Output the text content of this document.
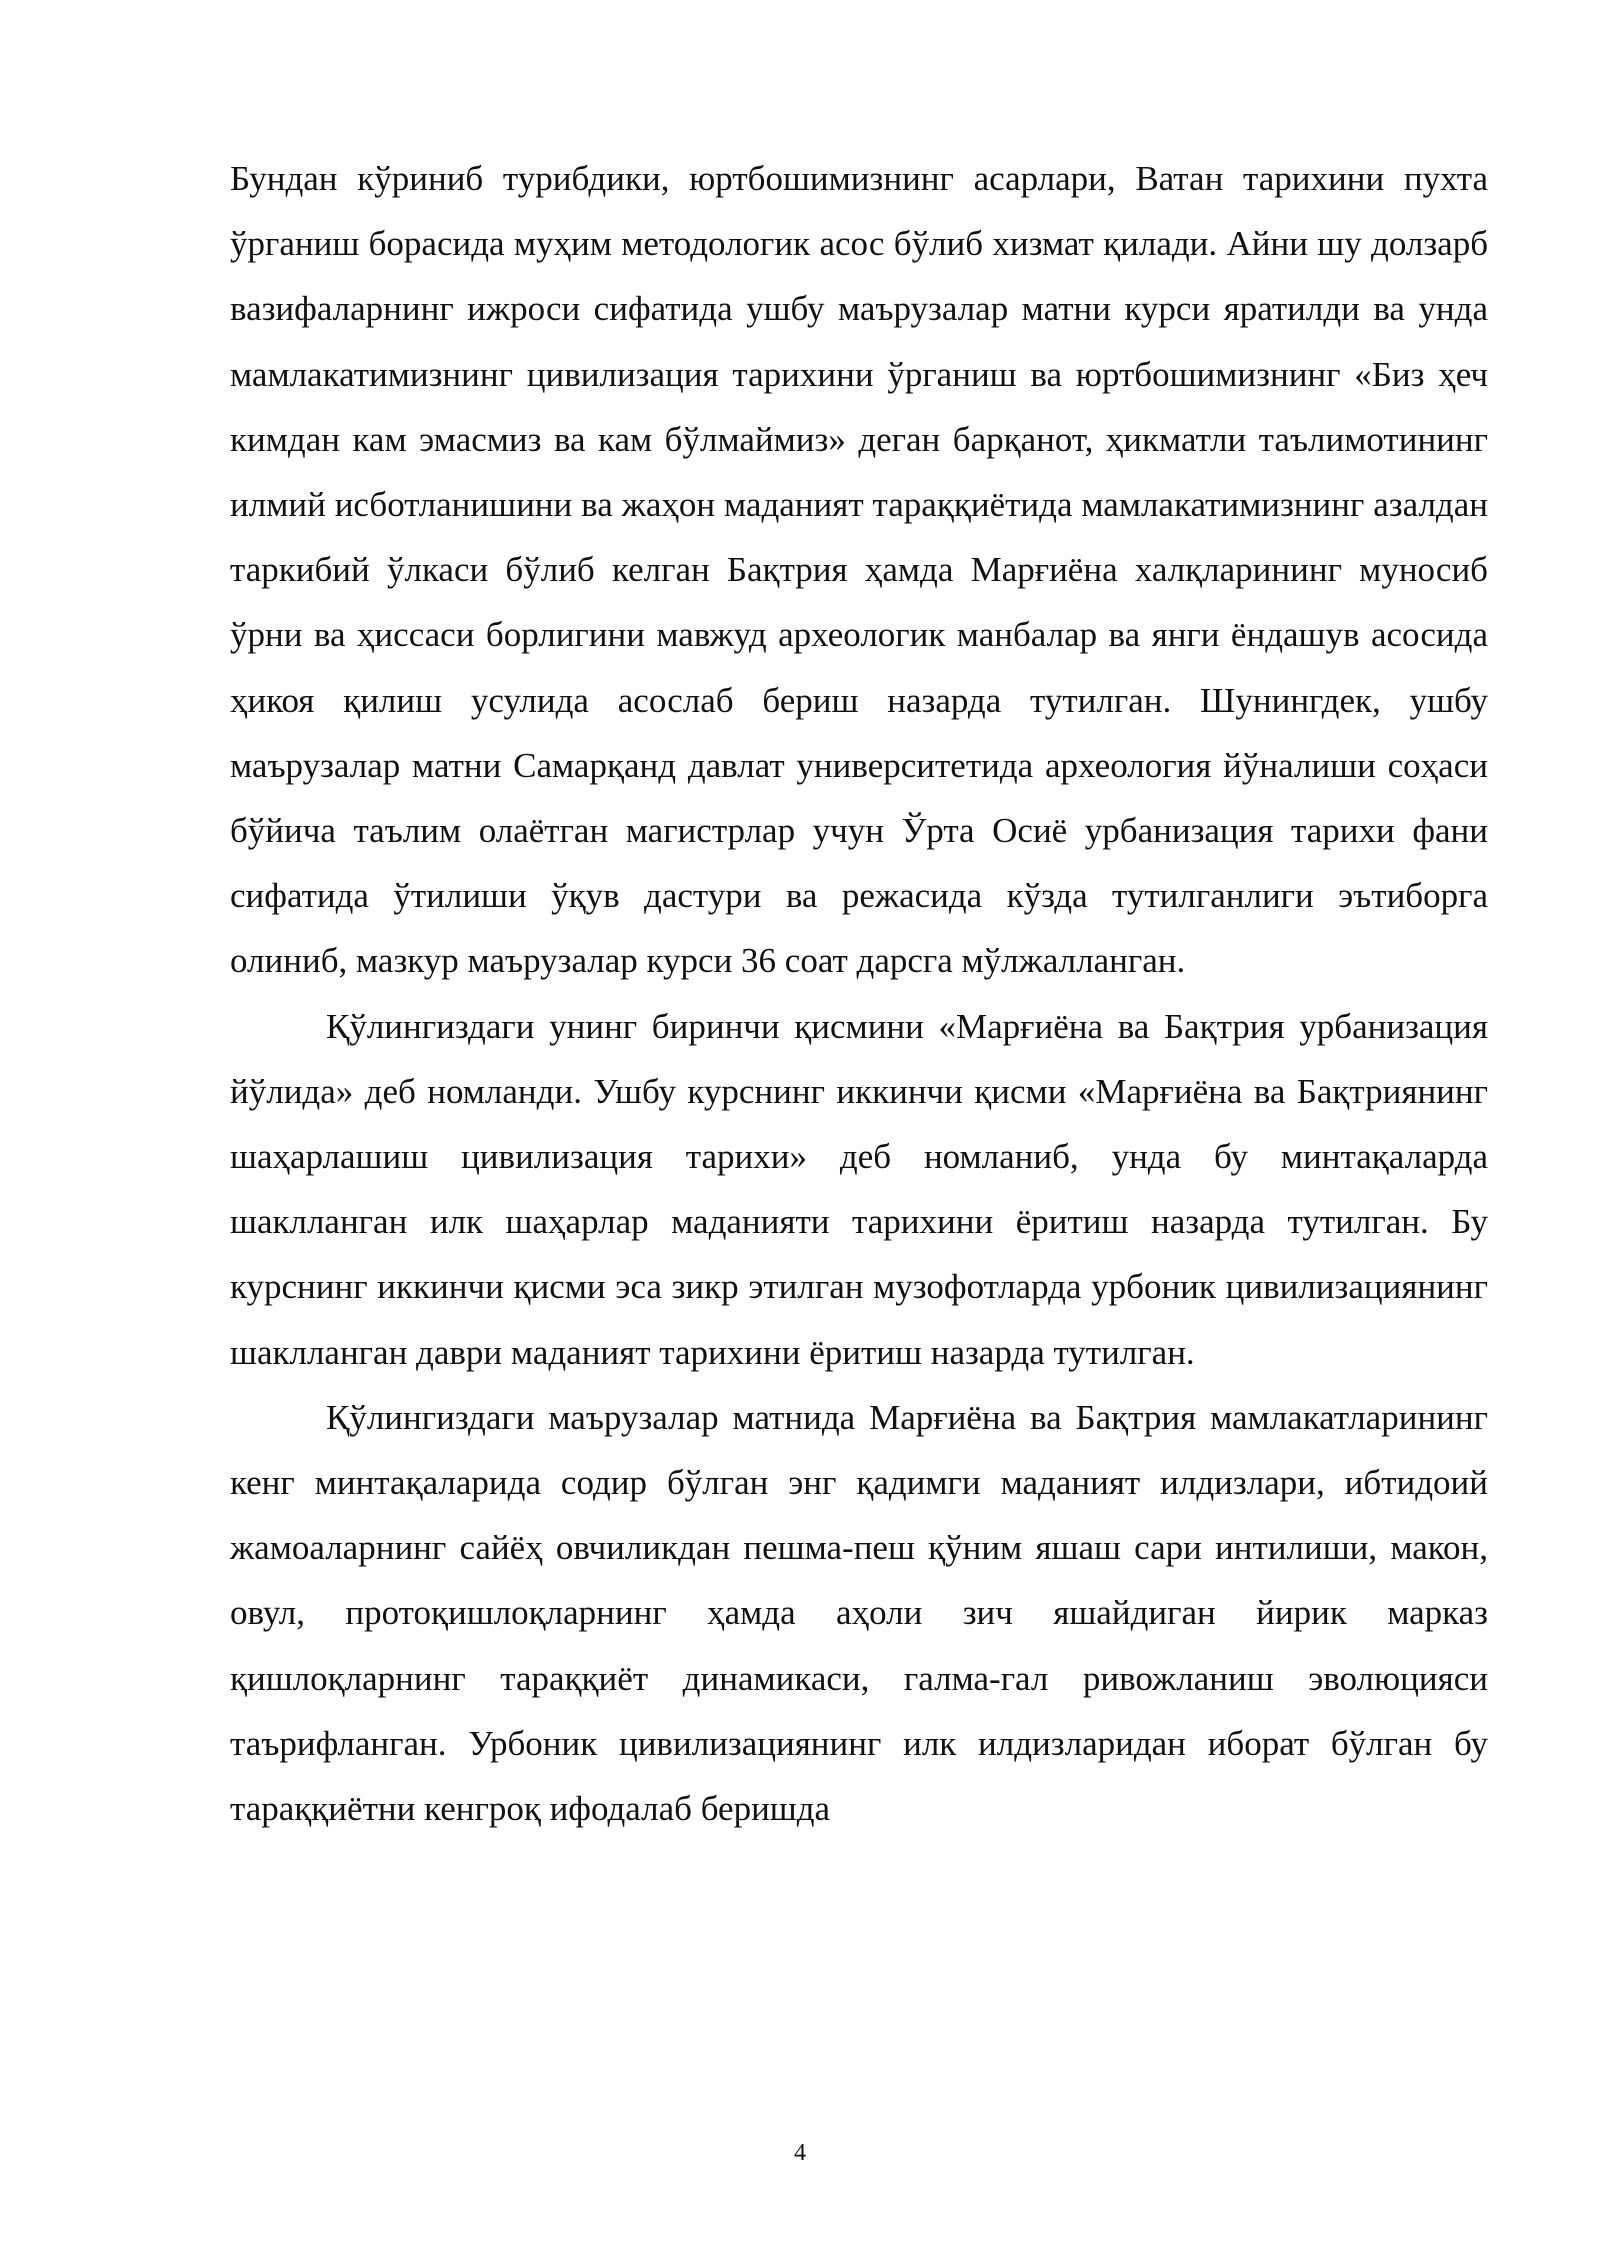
Бундан кўриниб турибдики, юртбошимизнинг асарлари, Ватан тарихини пухта ўрганиш борасида муҳим методологик асос бўлиб хизмат қилади. Айни шу долзарб вазифаларнинг ижроси сифатида ушбу маърузалар матни курси яратилди ва унда мамлакатимизнинг цивилизация тарихини ўрганиш ва юртбошимизнинг «Биз ҳеч кимдан кам эмасмиз ва кам бўлмаймиз» деган барқанот, ҳикматли таълимотининг илмий исботланишини ва жаҳон маданият тараққиётида мамлакатимизнинг азалдан таркибий ўлкаси бўлиб келган Бақтрия ҳамда Марғиёна халқларининг муносиб ўрни ва ҳиссаси борлигини мавжуд археологик манбалар ва янги ёндашув асосида ҳикоя қилиш усулида асослаб бериш назарда тутилган. Шунингдек, ушбу маърузалар матни Самарқанд давлат университетида археология йўналиши соҳаси бўйича таълим олаётган магистрлар учун Ўрта Осиё урбанизация тарихи фани сифатида ўтилиши ўқув дастури ва режасида кўзда тутилганлиги эътиборга олиниб, мазкур маърузалар курси 36 соат дарсга мўлжалланган.

Қўлингиздаги унинг биринчи қисмини «Марғиёна ва Бақтрия урбанизация йўлида» деб номланди. Ушбу курснинг иккинчи қисми «Марғиёна ва Бақтриянинг шаҳарлашиш цивилизация тарихи» деб номланиб, унда бу минтақаларда шаклланган илк шаҳарлар маданияти тарихини ёритиш назарда тутилган. Бу курснинг иккинчи қисми эса зикр этилган музофотларда урбоник цивилизациянинг шаклланган даври маданият тарихини ёритиш назарда тутилган.

Қўлингиздаги маърузалар матнида Марғиёна ва Бақтрия мамлакатларининг кенг минтақаларида содир бўлган энг қадимги маданият илдизлари, ибтидоий жамоаларнинг сайёҳ овчиликдан пешма-пеш қўним яшаш сари интилиши, макон, овул, протоқишлоқларнинг ҳамда аҳоли зич яшайдиган йирик марказ қишлоқларнинг тараққиёт динамикаси, галма-гал ривожланиш эволюцияси таърифланган. Урбоник цивилизациянинг илк илдизларидан иборат бўлган бу тараққиётни кенгроқ ифодалаб беришда

4
